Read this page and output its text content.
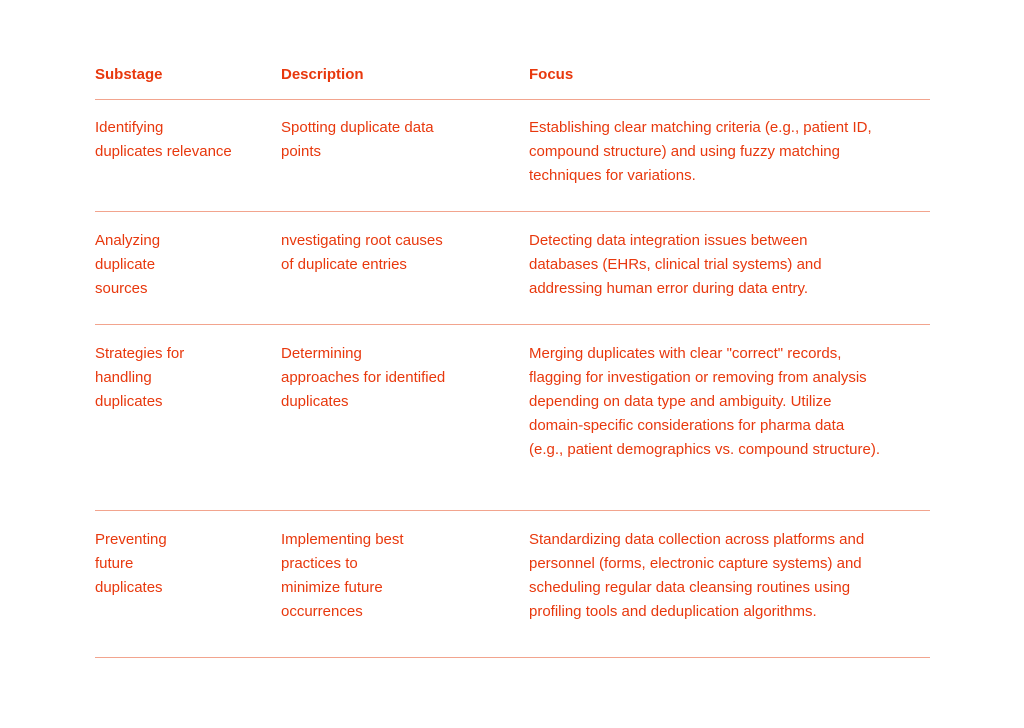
Substage	Description	Focus
Identifying
duplicates relevance
Spotting duplicate data
points
Establishing clear matching criteria (e.g., patient ID,
compound structure) and using fuzzy matching
techniques for variations.
Analyzing
duplicate
sources
nvestigating root causes
of duplicate entries
Detecting data integration issues between
databases (EHRs, clinical trial systems) and
addressing human error during data entry.
Strategies for
handling
duplicates
Determining
approaches for identified
duplicates
Merging duplicates with clear "correct" records,
flagging for investigation or removing from analysis
depending on data type and ambiguity. Utilize
domain-specific considerations for pharma data
(e.g., patient demographics vs. compound structure).
Preventing
future
duplicates
Implementing best
practices to
minimize future
occurrences
Standardizing data collection across platforms and
personnel (forms, electronic capture systems) and
scheduling regular data cleansing routines using
profiling tools and deduplication algorithms.
